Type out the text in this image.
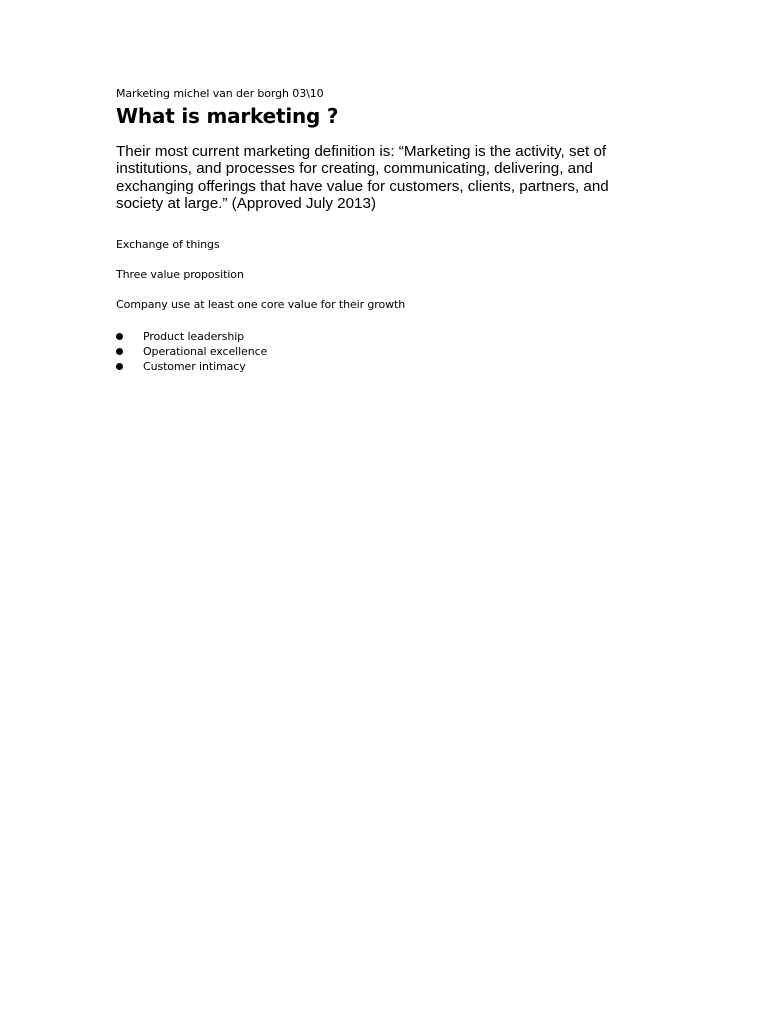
Marketing michel van der borgh 03\10

What is marketing ?

Their most current marketing definition is: “Marketing is the activity, set of institutions, and processes for creating, communicating, delivering, and exchanging offerings that have value for customers, clients, partners, and society at large.” (Approved July 2013)

Exchange of things

Three value proposition

Company use at least one core value for their growth

Product leadership
Operational excellence
Customer intimacy
